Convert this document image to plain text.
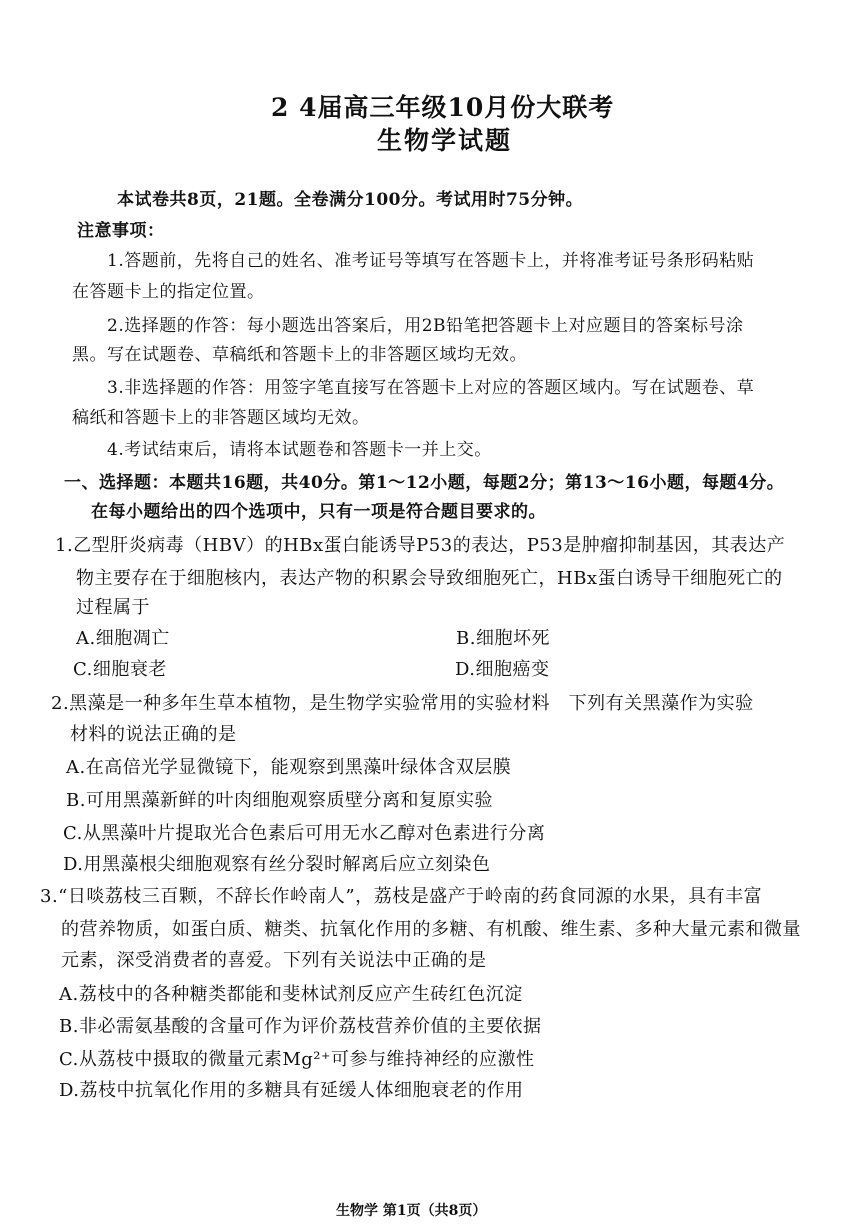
2 4届高三年级10月份大联考
生物学试题
本试卷共8页，21题。全卷满分100分。考试用时75分钟。
注意事项：
1.答题前，先将自己的姓名、准考证号等填写在答题卡上，并将准考证号条形码粘贴
在答题卡上的指定位置。
2.选择题的作答：每小题选出答案后，用2B铅笔把答题卡上对应题目的答案标号涂
黑。写在试题卷、草稿纸和答题卡上的非答题区域均无效。
3.非选择题的作答：用签字笔直接写在答题卡上对应的答题区域内。写在试题卷、草
稿纸和答题卡上的非答题区域均无效。
4.考试结束后，请将本试题卷和答题卡一并上交。
一、选择题：本题共16题，共40分。第1～12小题，每题2分；第13～16小题，每题4分。
在每小题给出的四个选项中，只有一项是符合题目要求的。
1.乙型肝炎病毒（HBV）的HBx蛋白能诱导P53的表达，P53是肿瘤抑制基因，其表达产
物主要存在于细胞核内，表达产物的积累会导致细胞死亡，HBx蛋白诱导干细胞死亡的
过程属于
A.细胞凋亡	B.细胞坏死
C.细胞衰老	D.细胞癌变
2.黑藻是一种多年生草本植物，是生物学实验常用的实验材料　下列有关黑藻作为实验
材料的说法正确的是
A.在高倍光学显微镜下，能观察到黑藻叶绿体含双层膜
B.可用黑藻新鲜的叶肉细胞观察质壁分离和复原实验
C.从黑藻叶片提取光合色素后可用无水乙醇对色素进行分离
D.用黑藻根尖细胞观察有丝分裂时解离后应立刻染色
3.“日啖荔枝三百颗，不辞长作岭南人”，荔枝是盛产于岭南的药食同源的水果，具有丰富
的营养物质，如蛋白质、糖类、抗氧化作用的多糖、有机酸、维生素、多种大量元素和微量
元素，深受消费者的喜爱。下列有关说法中正确的是
A.荔枝中的各种糖类都能和斐林试剂反应产生砖红色沉淀
B.非必需氨基酸的含量可作为评价荔枝营养价值的主要依据
C.从荔枝中摄取的微量元素Mg²⁺可参与维持神经的应激性
D.荔枝中抗氧化作用的多糖具有延缓人体细胞衰老的作用
生物学 第1页（共8页）
